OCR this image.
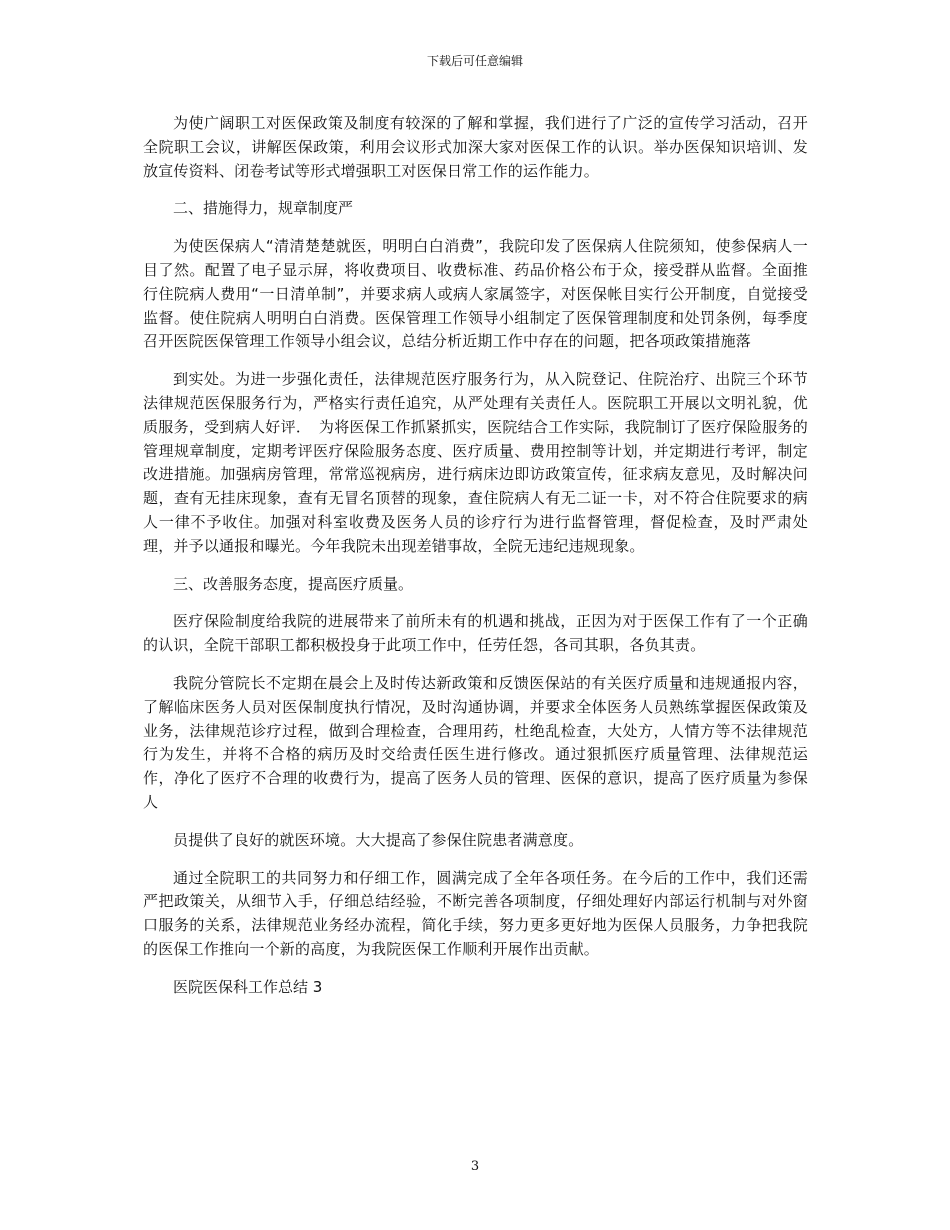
下载后可任意编辑

为使广阔职工对医保政策及制度有较深的了解和掌握，我们进行了广泛的宣传学习活动，召开全院职工会议，讲解医保政策，利用会议形式加深大家对医保工作的认识。举办医保知识培训、发放宣传资料、闭卷考试等形式增强职工对医保日常工作的运作能力。

二、措施得力，规章制度严

为使医保病人“清清楚楚就医，明明白白消费”，我院印发了医保病人住院须知，使参保病人一目了然。配置了电子显示屏，将收费项目、收费标准、药品价格公布于众，接受群从监督。全面推行住院病人费用“一日清单制”，并要求病人或病人家属签字，对医保帐目实行公开制度，自觉接受监督。使住院病人明明白白消费。医保管理工作领导小组制定了医保管理制度和处罚条例，每季度召开医院医保管理工作领导小组会议，总结分析近期工作中存在的问题，把各项政策措施落

到实处。为进一步强化责任，法律规范医疗服务行为，从入院登记、住院治疗、出院三个环节法律规范医保服务行为，严格实行责任追究，从严处理有关责任人。医院职工开展以文明礼貌，优质服务，受到病人好评．　为将医保工作抓紧抓实，医院结合工作实际，我院制订了医疗保险服务的管理规章制度，定期考评医疗保险服务态度、医疗质量、费用控制等计划，并定期进行考评，制定改进措施。加强病房管理，常常巡视病房，进行病床边即访政策宣传，征求病友意见，及时解决问题，查有无挂床现象，查有无冒名顶替的现象，查住院病人有无二证一卡，对不符合住院要求的病人一律不予收住。加强对科室收费及医务人员的诊疗行为进行监督管理，督促检查，及时严肃处理，并予以通报和曝光。今年我院未出现差错事故，全院无违纪违规现象。

三、改善服务态度，提高医疗质量。

医疗保险制度给我院的进展带来了前所未有的机遇和挑战，正因为对于医保工作有了一个正确的认识，全院干部职工都积极投身于此项工作中，任劳任怨，各司其职，各负其责。

我院分管院长不定期在晨会上及时传达新政策和反馈医保站的有关医疗质量和违规通报内容，了解临床医务人员对医保制度执行情况，及时沟通协调，并要求全体医务人员熟练掌握医保政策及业务，法律规范诊疗过程，做到合理检查，合理用药，杜绝乱检查，大处方，人情方等不法律规范行为发生，并将不合格的病历及时交给责任医生进行修改。通过狠抓医疗质量管理、法律规范运作，净化了医疗不合理的收费行为，提高了医务人员的管理、医保的意识，提高了医疗质量为参保人

员提供了良好的就医环境。大大提高了参保住院患者满意度。

通过全院职工的共同努力和仔细工作，圆满完成了全年各项任务。在今后的工作中，我们还需严把政策关，从细节入手，仔细总结经验，不断完善各项制度，仔细处理好内部运行机制与对外窗口服务的关系，法律规范业务经办流程，简化手续，努力更多更好地为医保人员服务，力争把我院的医保工作推向一个新的高度，为我院医保工作顺利开展作出贡献。

医院医保科工作总结 3

3
